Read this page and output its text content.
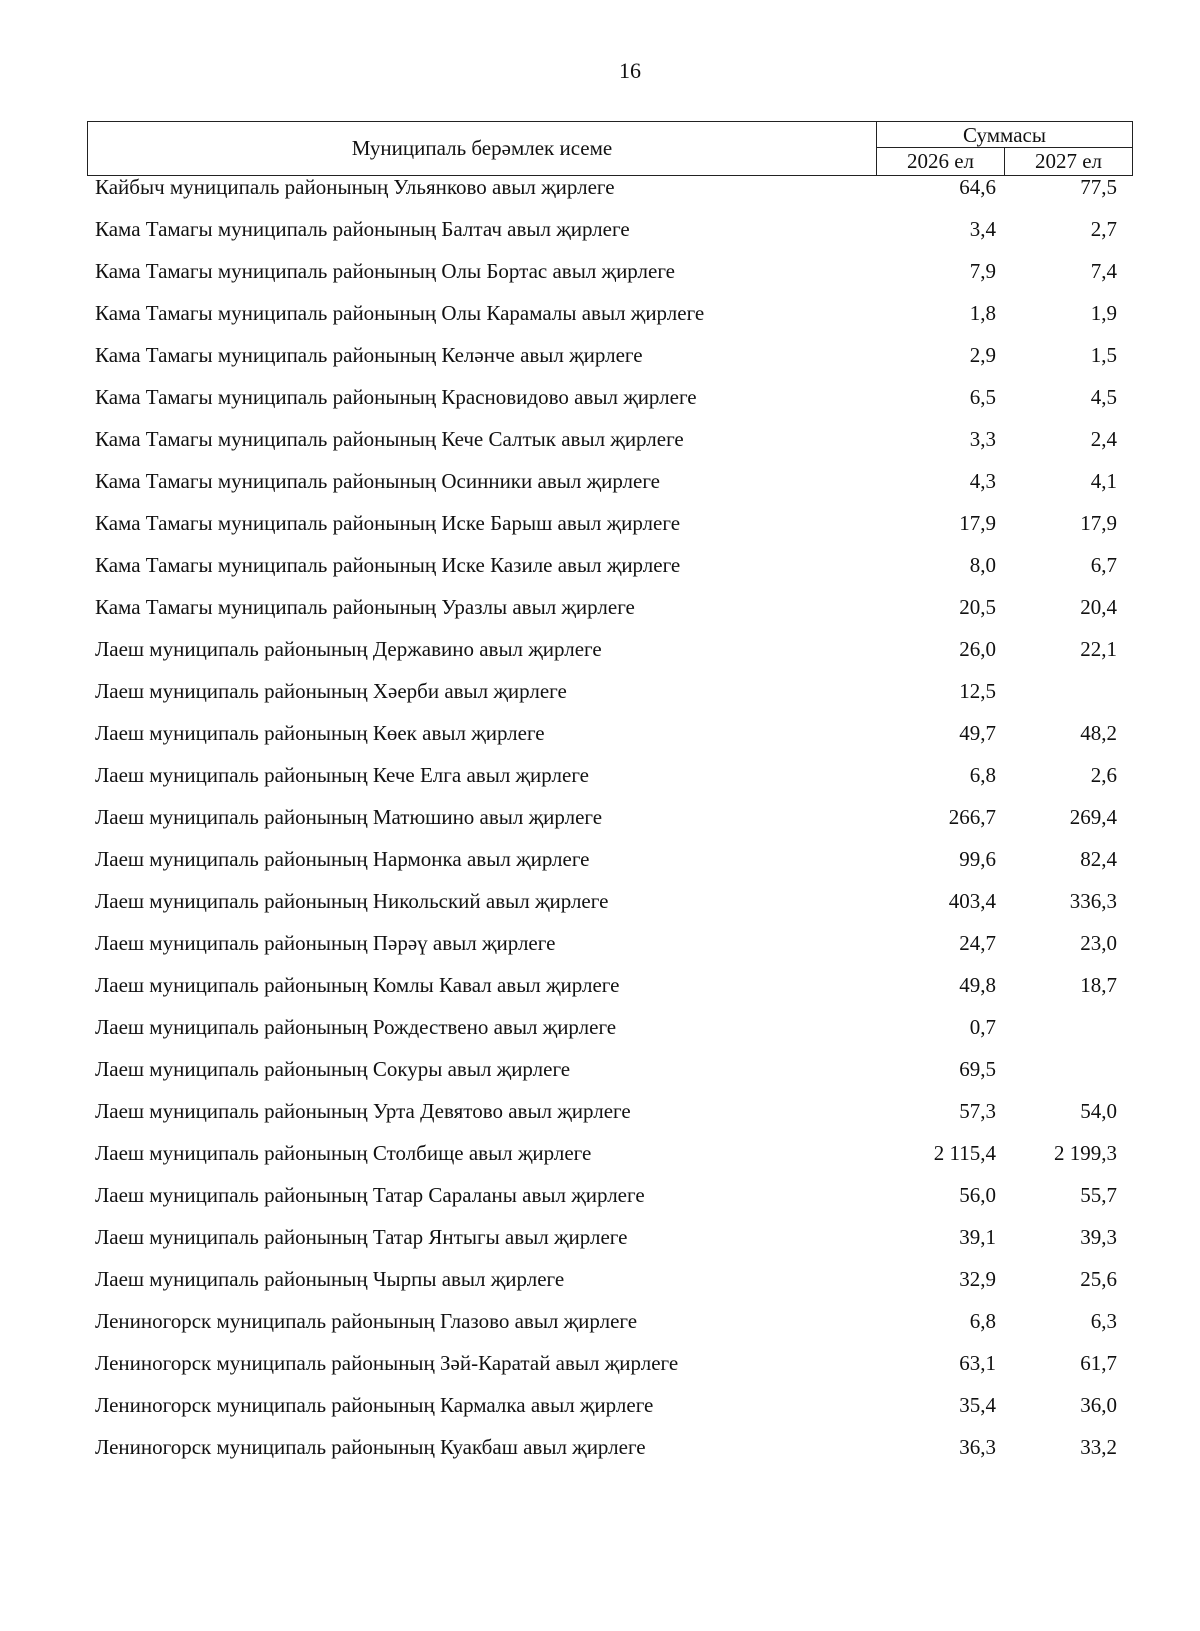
16
Муниципаль берәмлек исеме
Суммасы
2026 ел	2027 ел
Кайбыч муниципаль районының Ульянково авыл җирлеге	64,6	77,5
Кама Тамагы муниципаль районының Балтач авыл җирлеге	3,4	2,7
Кама Тамагы муниципаль районының Олы Бортас авыл җирлеге	7,9	7,4
Кама Тамагы муниципаль районының Олы Карамалы авыл җирлеге	1,8	1,9
Кама Тамагы муниципаль районының Келәнче авыл җирлеге	2,9	1,5
Кама Тамагы муниципаль районының Красновидово авыл җирлеге	6,5	4,5
Кама Тамагы муниципаль районының Кече Салтык авыл җирлеге	3,3	2,4
Кама Тамагы муниципаль районының Осинники авыл җирлеге	4,3	4,1
Кама Тамагы муниципаль районының Иске Барыш авыл җирлеге	17,9	17,9
Кама Тамагы муниципаль районының Иске Казиле авыл җирлеге	8,0	6,7
Кама Тамагы муниципаль районының Уразлы авыл җирлеге	20,5	20,4
Лаеш муниципаль районының Державино авыл җирлеге	26,0	22,1
Лаеш муниципаль районының Хәерби авыл җирлеге	12,5
Лаеш муниципаль районының Көек авыл җирлеге	49,7	48,2
Лаеш муниципаль районының Кече Елга авыл җирлеге	6,8	2,6
Лаеш муниципаль районының Матюшино авыл җирлеге	266,7	269,4
Лаеш муниципаль районының Нармонка авыл җирлеге	99,6	82,4
Лаеш муниципаль районының Никольский авыл җирлеге	403,4	336,3
Лаеш муниципаль районының Пәрәү авыл җирлеге	24,7	23,0
Лаеш муниципаль районының Комлы Кавал авыл җирлеге	49,8	18,7
Лаеш муниципаль районының Рождествено авыл җирлеге	0,7
Лаеш муниципаль районының Сокуры авыл җирлеге	69,5
Лаеш муниципаль районының Урта Девятово авыл җирлеге	57,3	54,0
Лаеш муниципаль районының Столбище авыл җирлеге	2 115,4	2 199,3
Лаеш муниципаль районының Татар Сараланы авыл җирлеге	56,0	55,7
Лаеш муниципаль районының Татар Янтыгы авыл җирлеге	39,1	39,3
Лаеш муниципаль районының Чырпы авыл җирлеге	32,9	25,6
Лениногорск муниципаль районының Глазово авыл җирлеге	6,8	6,3
Лениногорск муниципаль районының Зәй-Каратай авыл җирлеге	63,1	61,7
Лениногорск муниципаль районының Кармалка авыл җирлеге	35,4	36,0
Лениногорск муниципаль районының Куакбаш авыл җирлеге	36,3	33,2
